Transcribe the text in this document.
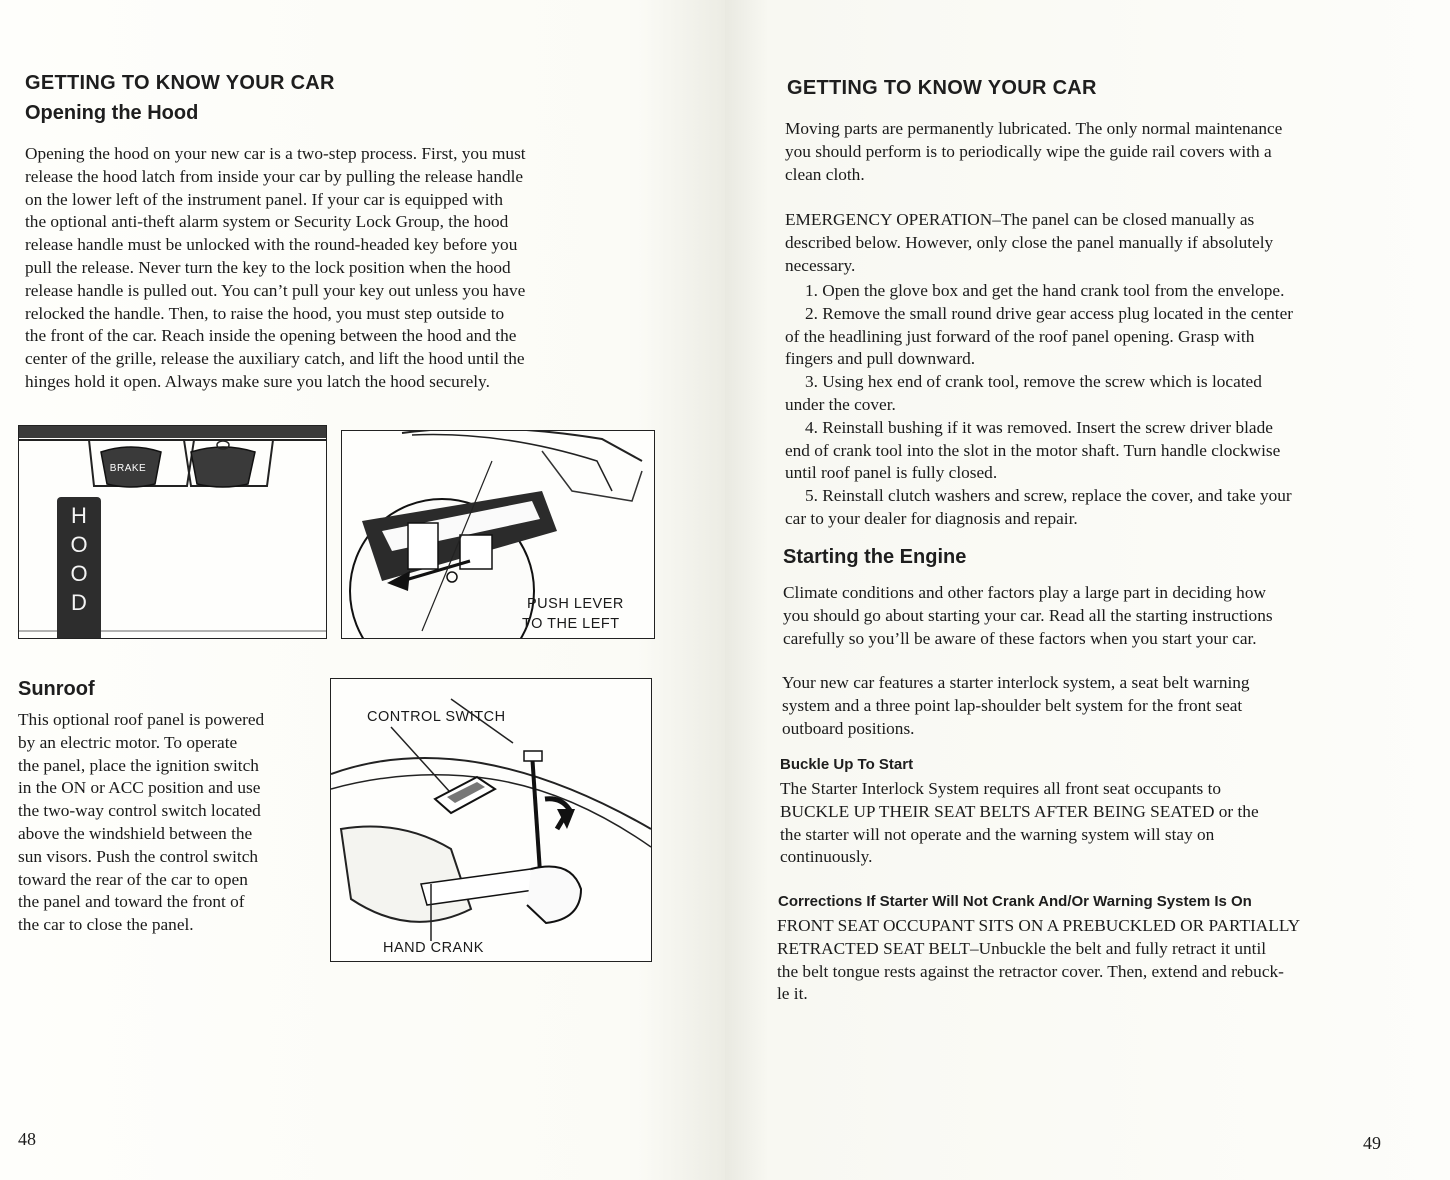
GETTING TO KNOW YOUR CAR
Opening the Hood
Opening the hood on your new car is a two-step process. First, you must
release the hood latch from inside your car by pulling the release handle
on the lower left of the instrument panel. If your car is equipped with
the optional anti-theft alarm system or Security Lock Group, the hood
release handle must be unlocked with the round-headed key before you
pull the release. Never turn the key to the lock position when the hood
release handle is pulled out. You can’t pull your key out unless you have
relocked the handle. Then, to raise the hood, you must step outside to
the front of the car. Reach inside the opening between the hood and the
center of the grille, release the auxiliary catch, and lift the hood until the
hinges hold it open. Always make sure you latch the hood securely.
BRAKE
H
O
O
D	PUSH LEVER
TO THE LEFT
Sunroof
This optional roof panel is powered
by an electric motor. To operate
the panel, place the ignition switch
in the ON or ACC position and use
the two-way control switch located
above the windshield between the
sun visors. Push the control switch
toward the rear of the car to open
the panel and toward the front of
the car to close the panel.
CONTROL SWITCH
HAND CRANK
48
GETTING TO KNOW YOUR CAR
Moving parts are permanently lubricated. The only normal maintenance
you should perform is to periodically wipe the guide rail covers with a
clean cloth.
EMERGENCY OPERATION–The panel can be closed manually as
described below. However, only close the panel manually if absolutely
necessary.
1. Open the glove box and get the hand crank tool from the envelope.
2. Remove the small round drive gear access plug located in the center
of the headlining just forward of the roof panel opening. Grasp with
fingers and pull downward.
3. Using hex end of crank tool, remove the screw which is located
under the cover.
4. Reinstall bushing if it was removed. Insert the screw driver blade
end of crank tool into the slot in the motor shaft. Turn handle clockwise
until roof panel is fully closed.
5. Reinstall clutch washers and screw, replace the cover, and take your
car to your dealer for diagnosis and repair.
Starting the Engine
Climate conditions and other factors play a large part in deciding how
you should go about starting your car. Read all the starting instructions
carefully so you’ll be aware of these factors when you start your car.
Your new car features a starter interlock system, a seat belt warning
system and a three point lap-shoulder belt system for the front seat
outboard positions.
Buckle Up To Start
The Starter Interlock System requires all front seat occupants to
BUCKLE UP THEIR SEAT BELTS AFTER BEING SEATED or the
the starter will not operate and the warning system will stay on
continuously.
Corrections If Starter Will Not Crank And/Or Warning System Is On
FRONT SEAT OCCUPANT SITS ON A PREBUCKLED OR PARTIALLY
RETRACTED SEAT BELT–Unbuckle the belt and fully retract it until
the belt tongue rests against the retractor cover. Then, extend and rebuck-
le it.
49
